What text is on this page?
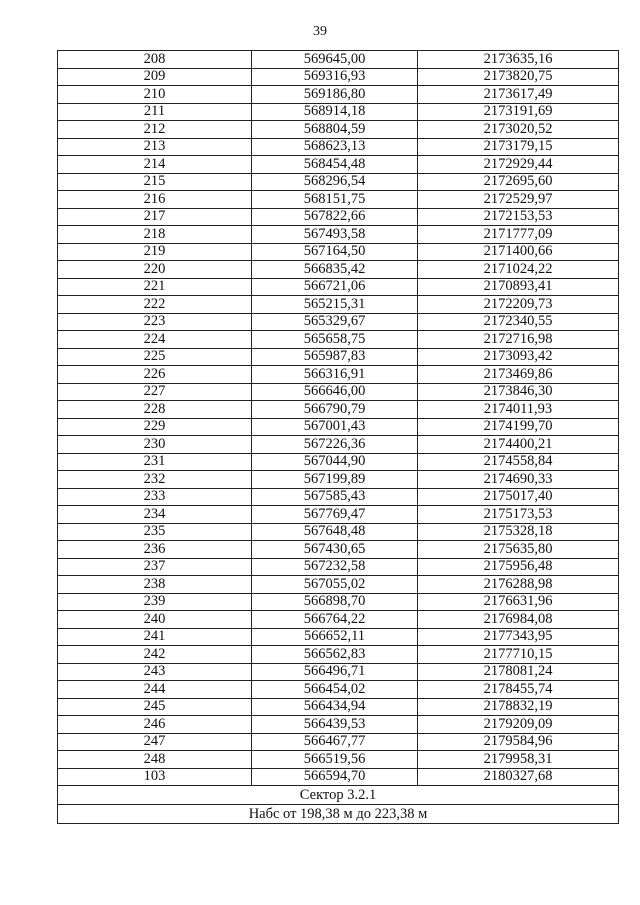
39
208	569645,00	2173635,16
209	569316,93	2173820,75
210	569186,80	2173617,49
211	568914,18	2173191,69
212	568804,59	2173020,52
213	568623,13	2173179,15
214	568454,48	2172929,44
215	568296,54	2172695,60
216	568151,75	2172529,97
217	567822,66	2172153,53
218	567493,58	2171777,09
219	567164,50	2171400,66
220	566835,42	2171024,22
221	566721,06	2170893,41
222	565215,31	2172209,73
223	565329,67	2172340,55
224	565658,75	2172716,98
225	565987,83	2173093,42
226	566316,91	2173469,86
227	566646,00	2173846,30
228	566790,79	2174011,93
229	567001,43	2174199,70
230	567226,36	2174400,21
231	567044,90	2174558,84
232	567199,89	2174690,33
233	567585,43	2175017,40
234	567769,47	2175173,53
235	567648,48	2175328,18
236	567430,65	2175635,80
237	567232,58	2175956,48
238	567055,02	2176288,98
239	566898,70	2176631,96
240	566764,22	2176984,08
241	566652,11	2177343,95
242	566562,83	2177710,15
243	566496,71	2178081,24
244	566454,02	2178455,74
245	566434,94	2178832,19
246	566439,53	2179209,09
247	566467,77	2179584,96
248	566519,56	2179958,31
103	566594,70	2180327,68
Сектор 3.2.1		
Набс от 198,38 м до 223,38 м		
